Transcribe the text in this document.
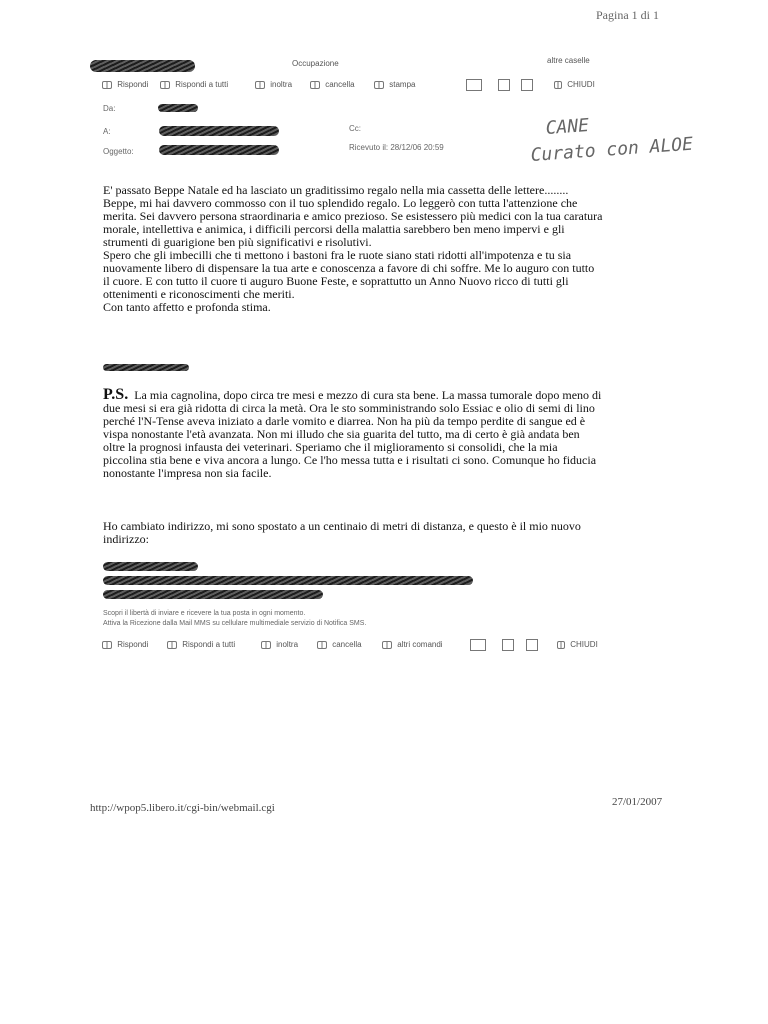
Pagina 1 di 1
Occupazione	altre caselle
Rispondi	Rispondi a tutti	inoltra	cancella	stampa	CHIUDI
Da:
A:	Cc:
Oggetto:	Ricevuto il: 28/12/06 20:59
CANE
Curato con ALOE

E' passato Beppe Natale ed ha lasciato un graditissimo regalo nella mia cassetta delle lettere........

Beppe, mi hai davvero commosso con il tuo splendido regalo. Lo leggerò con tutta l'attenzione che merita. Sei davvero persona straordinaria e amico prezioso. Se esistessero più medici con la tua caratura morale, intellettiva e animica, i difficili percorsi della malattia sarebbero ben meno impervi e gli strumenti di guarigione ben più significativi e risolutivi.

Spero che gli imbecilli che ti mettono i bastoni fra le ruote siano stati ridotti all'impotenza e tu sia nuovamente libero di dispensare la tua arte e conoscenza a favore di chi soffre. Me lo auguro con tutto il cuore. E con tutto il cuore ti auguro Buone Feste, e soprattutto un Anno Nuovo ricco di tutti gli ottenimenti e riconoscimenti che meriti.

Con tanto affetto e profonda stima.

P.S. La mia cagnolina, dopo circa tre mesi e mezzo di cura sta bene. La massa tumorale dopo meno di due mesi si era già ridotta di circa la metà. Ora le sto somministrando solo Essiac e olio di semi di lino perché l'N-Tense aveva iniziato a darle vomito e diarrea. Non ha più da tempo perdite di sangue ed è vispa nonostante l'età avanzata. Non mi illudo che sia guarita del tutto, ma di certo è già andata ben oltre la prognosi infausta dei veterinari. Speriamo che il miglioramento si consolidi, che la mia piccolina stia bene e viva ancora a lungo. Ce l'ho messa tutta e i risultati ci sono. Comunque ho fiducia nonostante l'impresa non sia facile.
Ho cambiato indirizzo, mi sono spostato a un centinaio di metri di distanza, e questo è il mio nuovo indirizzo:
Scopri il libertà di inviare e ricevere la tua posta in ogni momento.
Attiva la Ricezione dalla Mail MMS su cellulare multimediale servizio di Notifica SMS.
Rispondi	Rispondi a tutti	inoltra	cancella	altri comandi	CHIUDI
http://wpop5.libero.it/cgi-bin/webmail.cgi	27/01/2007
